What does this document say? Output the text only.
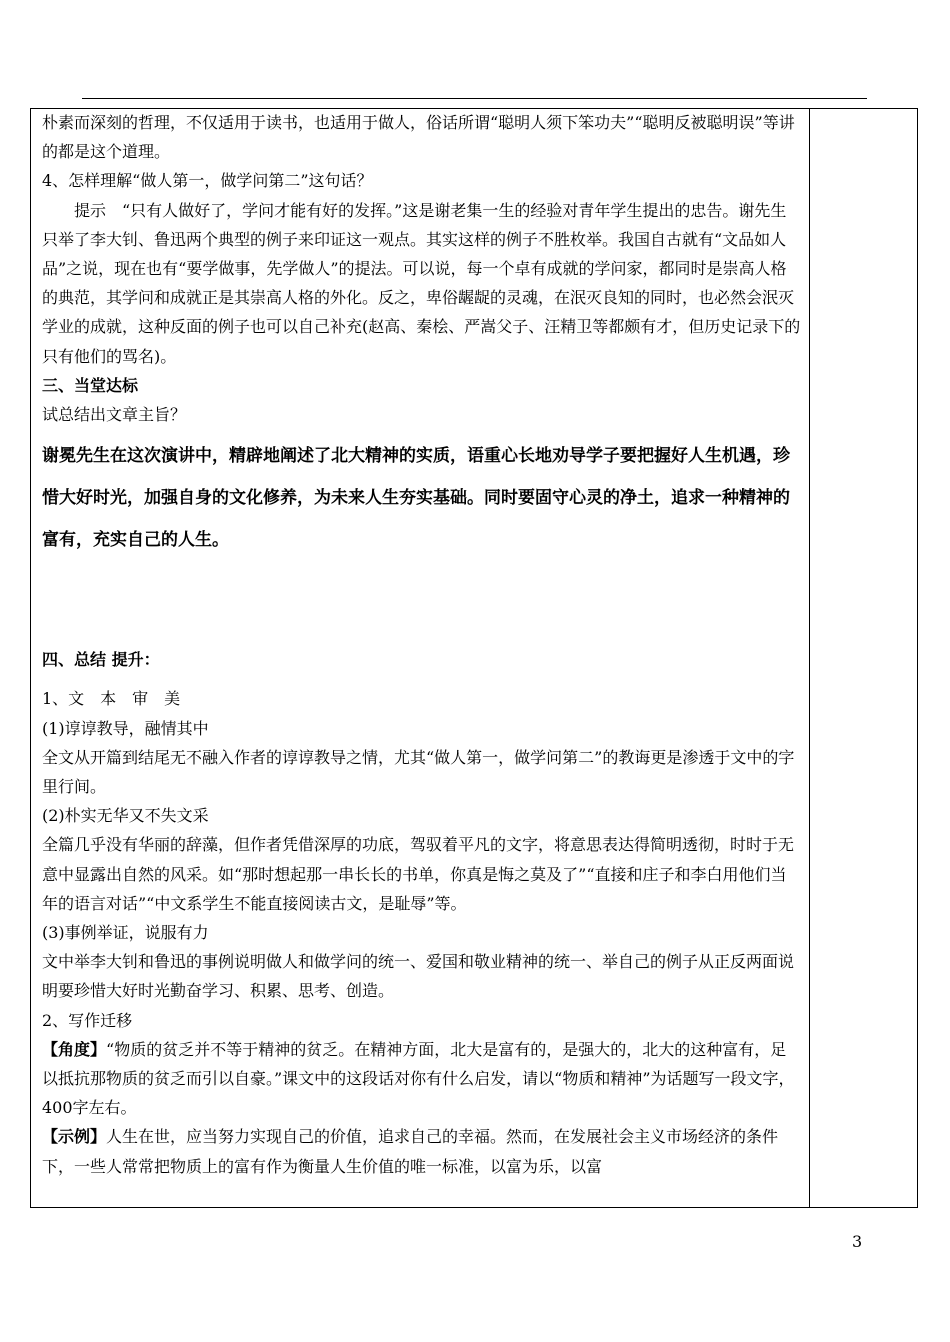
朴素而深刻的哲理，不仅适用于读书，也适用于做人，俗话所谓“聪明人须下笨功夫”“聪明反被聪明误”等讲的都是这个道理。

4、怎样理解“做人第一，做学问第二”这句话？

提示　“只有人做好了，学问才能有好的发挥。”这是谢老集一生的经验对青年学生提出的忠告。谢先生只举了李大钊、鲁迅两个典型的例子来印证这一观点。其实这样的例子不胜枚举。我国自古就有“文品如人品”之说，现在也有“要学做事，先学做人”的提法。可以说，每一个卓有成就的学问家，都同时是崇高人格的典范，其学问和成就正是其崇高人格的外化。反之，卑俗龌龊的灵魂，在泯灭良知的同时，也必然会泯灭学业的成就，这种反面的例子也可以自己补充(赵高、秦桧、严嵩父子、汪精卫等都颇有才，但历史记录下的只有他们的骂名)。

三、当堂达标

试总结出文章主旨？

谢冕先生在这次演讲中，精辟地阐述了北大精神的实质，语重心长地劝导学子要把握好人生机遇，珍惜大好时光，加强自身的文化修养，为未来人生夯实基础。同时要固守心灵的净土，追求一种精神的富有，充实自己的人生。

四、总结 提升：

1、文　本　审　美

(1)谆谆教导，融情其中

全文从开篇到结尾无不融入作者的谆谆教导之情，尤其“做人第一，做学问第二”的教诲更是渗透于文中的字里行间。

(2)朴实无华又不失文采

全篇几乎没有华丽的辞藻，但作者凭借深厚的功底，驾驭着平凡的文字，将意思表达得简明透彻，时时于无意中显露出自然的风采。如“那时想起那一串长长的书单，你真是悔之莫及了”“直接和庄子和李白用他们当年的语言对话”“中文系学生不能直接阅读古文，是耻辱”等。

(3)事例举证，说服有力

文中举李大钊和鲁迅的事例说明做人和做学问的统一、爱国和敬业精神的统一、举自己的例子从正反两面说明要珍惜大好时光勤奋学习、积累、思考、创造。

2、写作迁移

【角度】“物质的贫乏并不等于精神的贫乏。在精神方面，北大是富有的，是强大的，北大的这种富有，足以抵抗那物质的贫乏而引以自豪。”课文中的这段话对你有什么启发，请以“物质和精神”为话题写一段文字，400字左右。

【示例】人生在世，应当努力实现自己的价值，追求自己的幸福。然而，在发展社会主义市场经济的条件下，一些人常常把物质上的富有作为衡量人生价值的唯一标准，以富为乐，以富

3
